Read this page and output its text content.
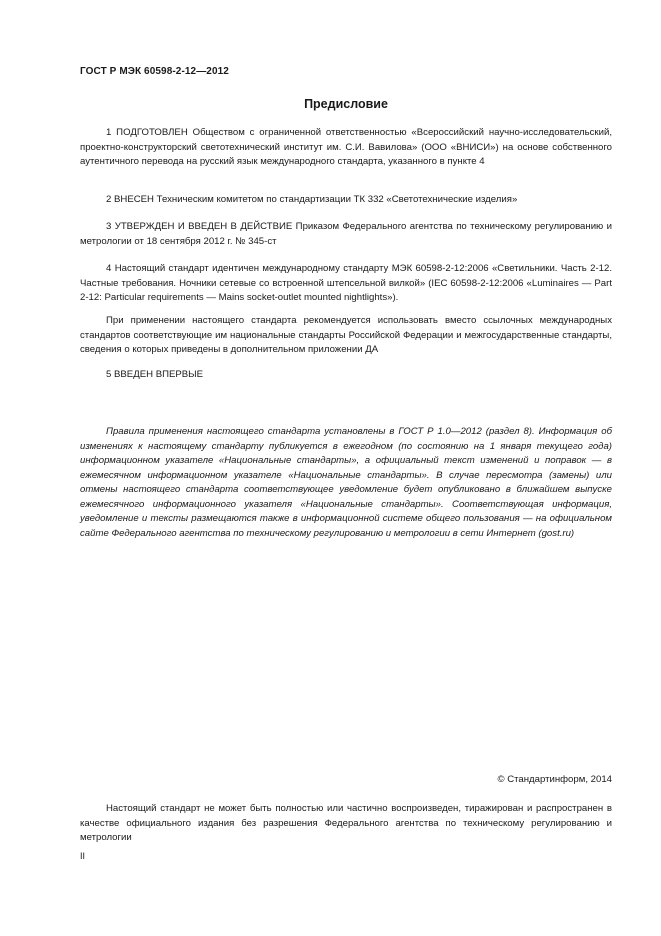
ГОСТ Р МЭК 60598-2-12—2012
Предисловие

1 ПОДГОТОВЛЕН Обществом с ограниченной ответственностью «Всероссийский научно-исследовательский, проектно-конструкторский светотехнический институт им. С.И. Вавилова» (ООО «ВНИСИ») на основе собственного аутентичного перевода на русский язык международного стандарта, указанного в пункте 4

2 ВНЕСЕН Техническим комитетом по стандартизации ТК 332 «Светотехнические изделия»

3 УТВЕРЖДЕН И ВВЕДЕН В ДЕЙСТВИЕ Приказом Федерального агентства по техническому регулированию и метрологии от 18 сентября 2012 г. № 345-ст

4 Настоящий стандарт идентичен международному стандарту МЭК 60598-2-12:2006 «Светильники. Часть 2-12. Частные требования. Ночники сетевые со встроенной штепсельной вилкой» (IEC 60598-2-12:2006 «Luminaires — Part 2-12: Particular requirements — Mains socket-outlet mounted nightlights»).

При применении настоящего стандарта рекомендуется использовать вместо ссылочных международных стандартов соответствующие им национальные стандарты Российской Федерации и межгосударственные стандарты, сведения о которых приведены в дополнительном приложении ДА

5 ВВЕДЕН ВПЕРВЫЕ

Правила применения настоящего стандарта установлены в ГОСТ Р 1.0—2012 (раздел 8). Информация об изменениях к настоящему стандарту публикуется в ежегодном (по состоянию на 1 января текущего года) информационном указателе «Национальные стандарты», а официальный текст изменений и поправок — в ежемесячном информационном указателе «Национальные стандарты». В случае пересмотра (замены) или отмены настоящего стандарта соответствующее уведомление будет опубликовано в ближайшем выпуске ежемесячного информационного указателя «Национальные стандарты». Соответствующая информация, уведомление и тексты размещаются также в информационной системе общего пользования — на официальном сайте Федерального агентства по техническому регулированию и метрологии в сети Интернет (gost.ru)

© Стандартинформ, 2014

Настоящий стандарт не может быть полностью или частично воспроизведен, тиражирован и распространен в качестве официального издания без разрешения Федерального агентства по техническому регулированию и метрологии

II
